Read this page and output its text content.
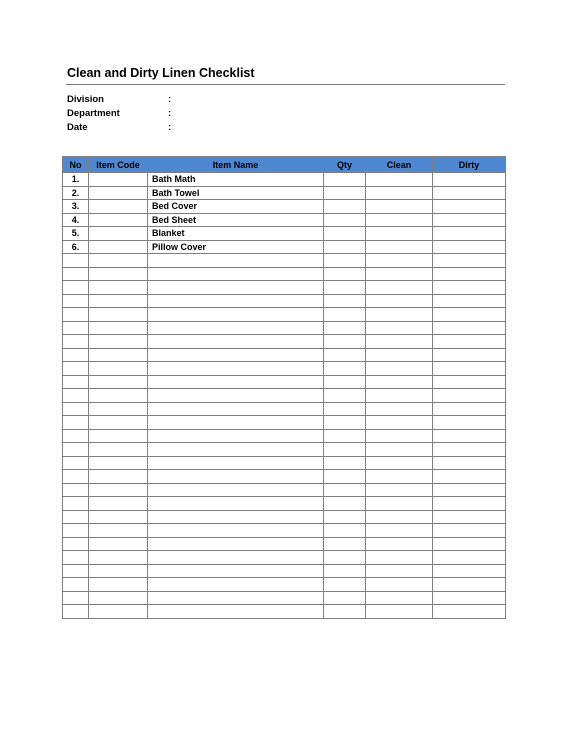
Clean and Dirty Linen Checklist
Division	:
Department	:
Date	:
No	Item Code	Item Name	Qty	Clean	Dirty
1.		Bath Math			
2.		Bath Towel			
3.		Bed Cover			
4.		Bed Sheet			
5.		Blanket			
6.		Pillow Cover			
